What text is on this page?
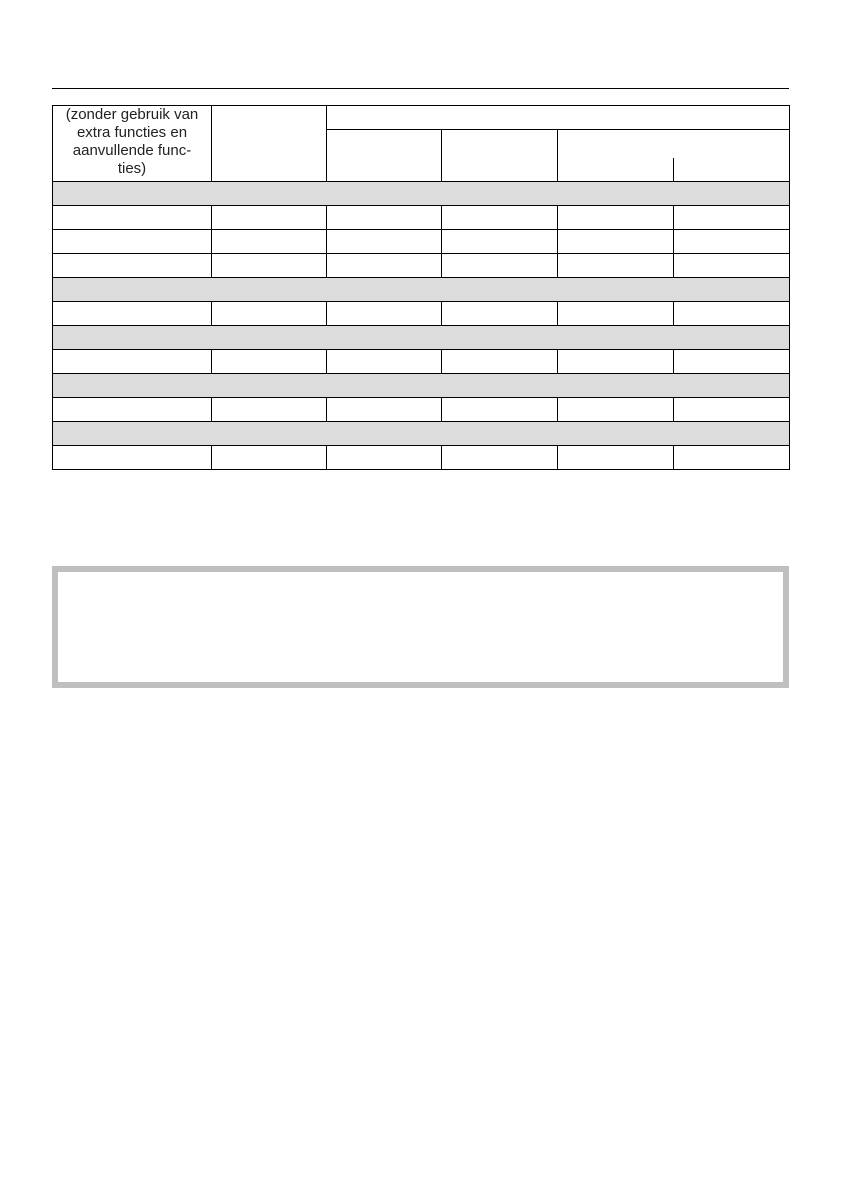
(zonder gebruik van
extra functies en
aanvullende func-
ties)					
